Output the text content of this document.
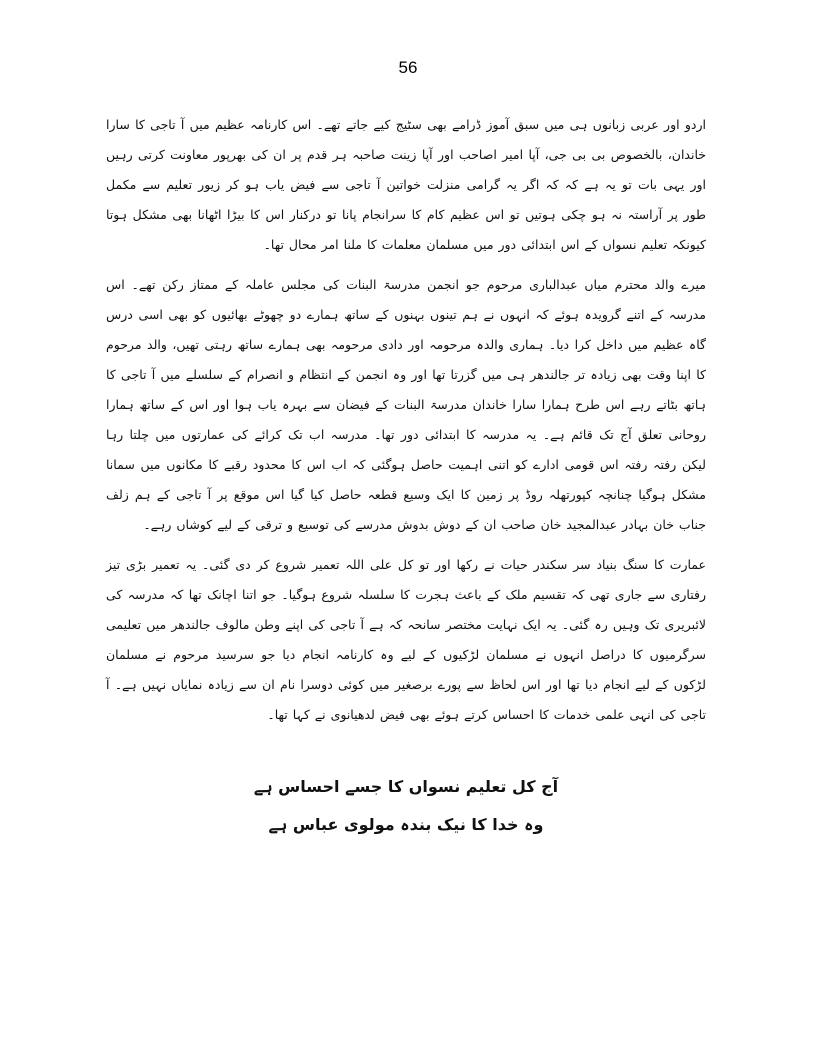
56

اردو اور عربی زبانوں ہی میں سبق آموز ڈرامے بھی سٹیج کیے جاتے تھے۔ اس کارنامہ عظیم میں آ تاجی کا سارا خاندان، بالخصوص بی بی جی، آپا امیر اصاحب اور آپا زینت صاحبہ ہر قدم پر ان کی بھرپور معاونت کرتی رہیں اور یہی بات تو یہ ہے کہ کہ اگر یہ گرامی منزلت خواتین آ تاجی سے فیض یاب ہو کر زیور تعلیم سے مکمل طور پر آراستہ نہ ہو چکی ہوتیں تو اس عظیم کام کا سرانجام پانا تو درکنار اس کا بیڑا اٹھانا بھی مشکل ہوتا کیونکہ تعلیم نسواں کے اس ابتدائی دور میں مسلمان معلمات کا ملنا امر محال تھا۔

میرے والد محترم میاں عبدالباری مرحوم جو انجمن مدرسۃ البنات کی مجلس عاملہ کے ممتاز رکن تھے۔ اس مدرسہ کے اتنے گرویدہ ہوئے کہ انہوں نے ہم تینوں بہنوں کے ساتھ ہمارے دو چھوٹے بھائیوں کو بھی اسی درس گاہ عظیم میں داخل کرا دیا۔ ہماری والدہ مرحومہ اور دادی مرحومہ بھی ہمارے ساتھ رہتی تھیں، والد مرحوم کا اپنا وقت بھی زیادہ تر جالندھر ہی میں گزرتا تھا اور وہ انجمن کے انتظام و انصرام کے سلسلے میں آ تاجی کا ہاتھ بٹاتے رہے اس طرح ہمارا سارا خاندان مدرسۃ البنات کے فیضان سے بہرہ یاب ہوا اور اس کے ساتھ ہمارا روحانی تعلق آج تک قائم ہے۔ یہ مدرسہ کا ابتدائی دور تھا۔ مدرسہ اب تک کرائے کی عمارتوں میں چلتا رہا لیکن رفتہ رفتہ اس قومی ادارے کو اتنی اہمیت حاصل ہوگئی کہ اب اس کا محدود رقبے کا مکانوں میں سمانا مشکل ہوگیا چنانچہ کپورتھلہ روڈ پر زمین کا ایک وسیع قطعہ حاصل کیا گیا اس موقع پر آ تاجی کے ہم زلف جناب خان بہادر عبدالمجید خان صاحب ان کے دوش بدوش مدرسے کی توسیع و ترقی کے لیے کوشاں رہے۔

عمارت کا سنگ بنیاد سر سکندر حیات نے رکھا اور تو کل علی اللہ تعمیر شروع کر دی گئی۔ یہ تعمیر بڑی تیز رفتاری سے جاری تھی کہ تقسیم ملک کے باعث ہجرت کا سلسلہ شروع ہوگیا۔ جو اتنا اچانک تھا کہ مدرسہ کی لائبریری تک وہیں رہ گئی۔ یہ ایک نہایت مختصر سانحہ کہ ہے آ تاجی کی اپنے وطن مالوف جالندھر میں تعلیمی سرگرمیوں کا دراصل انہوں نے مسلمان لڑکیوں کے لیے وہ کارنامہ انجام دیا جو سرسید مرحوم نے مسلمان لڑکوں کے لیے انجام دیا تھا اور اس لحاظ سے پورے برصغیر میں کوئی دوسرا نام ان سے زیادہ نمایاں نہیں ہے۔ آ تاجی کی انہی علمی خدمات کا احساس کرتے ہوئے بھی فیض لدھیانوی نے کہا تھا۔

آج کل تعلیم نسواں کا جسے احساس ہے
وہ خدا کا نیک بندہ مولوی عباس ہے
